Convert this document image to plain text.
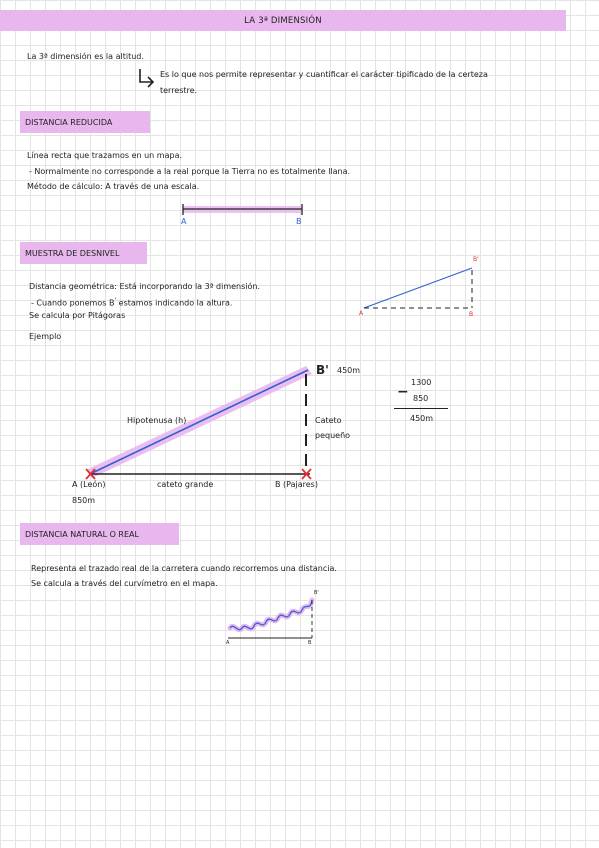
LA 3ª DIMENSIÓN
La 3ª dimensión es la altitud.
Es lo que nos permite representar y cuantificar el carácter tipificado de la certeza
terrestre.
DISTANCIA REDUCIDA
Línea recta que trazamos en un mapa.
- Normalmente no corresponde a la real porque la Tierra no es totalmente llana.
Método de cálculo: A través de una escala.
A	B
MUESTRA DE DESNIVEL
Distancia geométrica: Está incorporando la 3ª dimensión.
- Cuando ponemos B' estamos indicando la altura.
Se calcula por Pitágoras
Ejemplo
A	B
B'
B' 450m
Hipotenusa (h)	Cateto
pequeño
A (León)
850m
cateto grande	B (Pajares)
1300
− 850
450m
DISTANCIA NATURAL O REAL
Representa el trazado real de la carretera cuando recorremos una distancia.
Se calcula a través del curvímetro en el mapa.
A	B
B'
